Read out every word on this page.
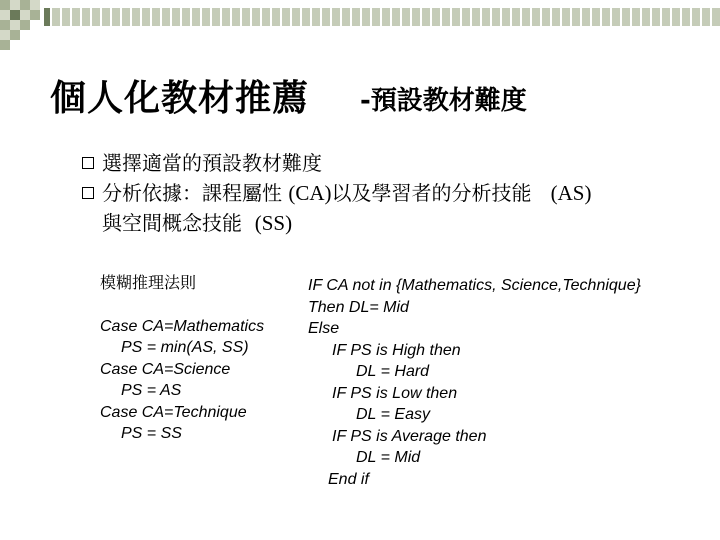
個人化教材推薦 -預設教材難度
選擇適當的預設教材難度
分析依據：課程屬性 (CA)以及學習者的分析技能 (AS)
與空間概念技能 (SS)
模糊推理法則
Case CA=Mathematics
PS = min(AS, SS)
Case CA=Science
PS = AS
Case CA=Technique
PS = SS
IF CA not in {Mathematics, Science,Technique}
Then DL= Mid
Else
IF PS is High then
DL = Hard
IF PS is Low then
DL = Easy
IF PS is Average then
DL = Mid
End if
